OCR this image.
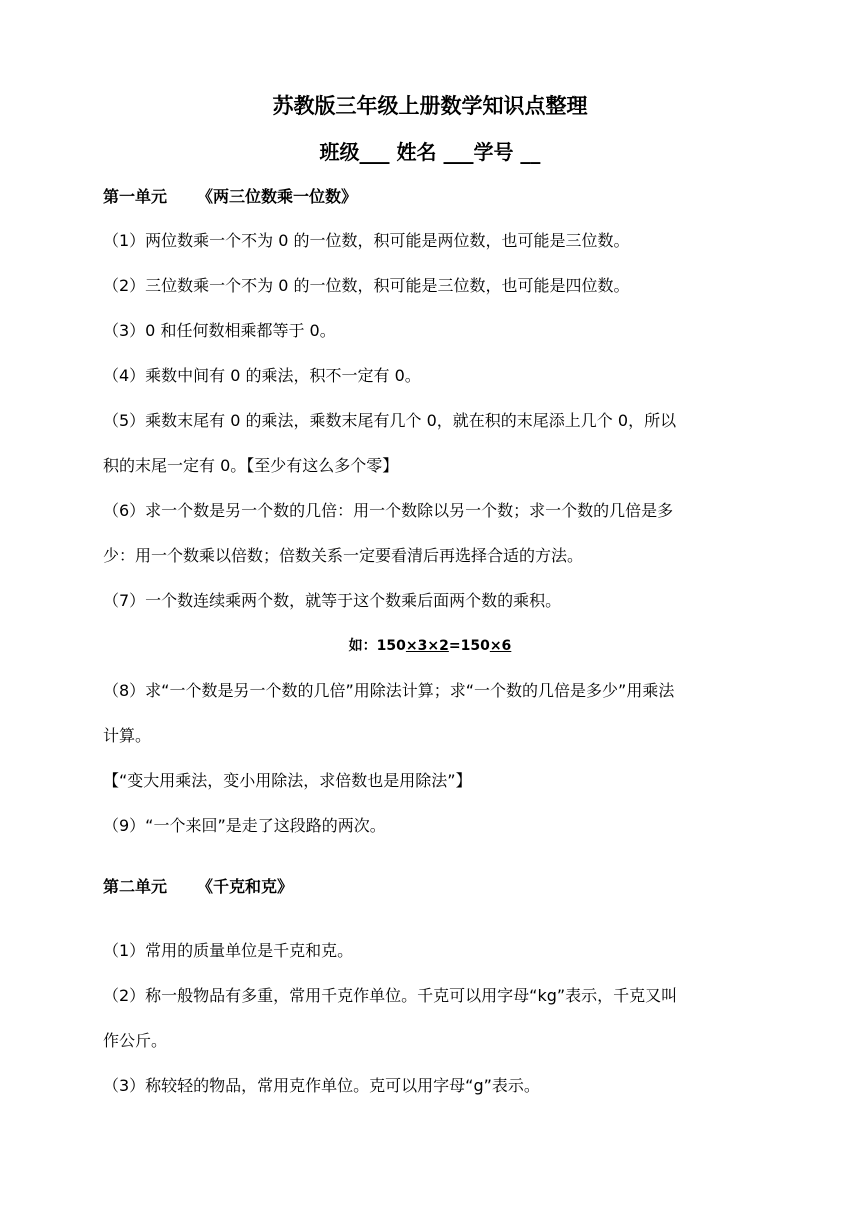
苏教版三年级上册数学知识点整理
班级___ 姓名 ___学号 __
第一单元 《两三位数乘一位数》
（1）两位数乘一个不为 0 的一位数，积可能是两位数，也可能是三位数。
（2）三位数乘一个不为 0 的一位数，积可能是三位数，也可能是四位数。
（3）0 和任何数相乘都等于 0。
（4）乘数中间有 0 的乘法，积不一定有 0。
（5）乘数末尾有 0 的乘法，乘数末尾有几个 0，就在积的末尾添上几个 0，所以
积的末尾一定有 0。【至少有这么多个零】
（6）求一个数是另一个数的几倍：用一个数除以另一个数；求一个数的几倍是多
少：用一个数乘以倍数；倍数关系一定要看清后再选择合适的方法。
（7）一个数连续乘两个数，就等于这个数乘后面两个数的乘积。
如：150×3×2=150×6
（8）求“一个数是另一个数的几倍”用除法计算；求“一个数的几倍是多少”用乘法
计算。
【“变大用乘法，变小用除法，求倍数也是用除法”】
（9）“一个来回”是走了这段路的两次。
第二单元 《千克和克》
（1）常用的质量单位是千克和克。
（2）称一般物品有多重，常用千克作单位。千克可以用字母“kg”表示，千克又叫
作公斤。
（3）称较轻的物品，常用克作单位。克可以用字母“g”表示。
